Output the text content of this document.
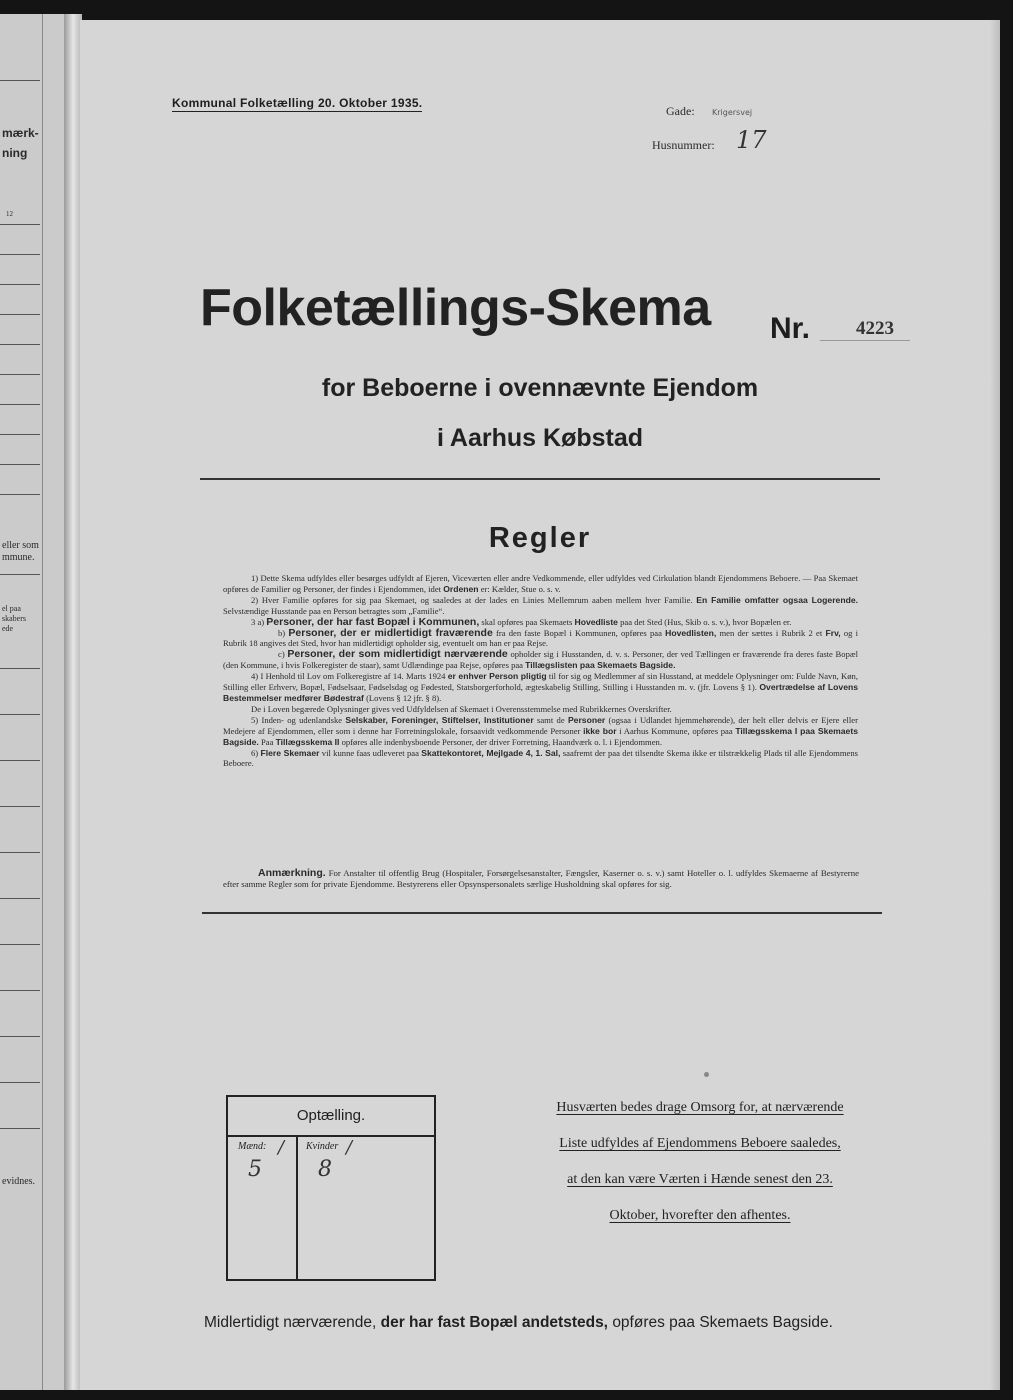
mærk-
ning
12
eller som
mmune.
el paa
skabers
ede
evidnes.
Kommunal Folketælling 20. Oktober 1935.
Gade: Krigersvej
Husnummer: 17
Folketællings-Skema Nr. 4223
for Beboerne i ovennævnte Ejendom
i Aarhus Købstad
Regler

1) Dette Skema udfyldes eller besørges udfyldt af Ejeren, Viceværten eller andre Vedkommende, eller udfyldes ved Cirkulation blandt Ejendommens Beboere. — Paa Skemaet opføres de Familier og Personer, der findes i Ejendommen, idet Ordenen er: Kælder, Stue o. s. v.

2) Hver Familie opføres for sig paa Skemaet, og saaledes at der lades en Linies Mellemrum aaben mellem hver Familie. En Familie omfatter ogsaa Logerende. Selvstændige Husstande paa en Person betragtes som „Familie“.

3 a) Personer, der har fast Bopæl i Kommunen, skal opføres paa Skemaets Hovedliste paa det Sted (Hus, Skib o. s. v.), hvor Bopælen er.

b) Personer, der er midlertidigt fraværende fra den faste Bopæl i Kommunen, opføres paa Hovedlisten, men der sættes i Rubrik 2 et Frv, og i Rubrik 18 angives det Sted, hvor han midlertidigt opholder sig, eventuelt om han er paa Rejse.

c) Personer, der som midlertidigt nærværende opholder sig i Husstanden, d. v. s. Personer, der ved Tællingen er fraværende fra deres faste Bopæl (den Kommune, i hvis Folkeregister de staar), samt Udlændinge paa Rejse, opføres paa Tillægslisten paa Skemaets Bagside.

4) I Henhold til Lov om Folkeregistre af 14. Marts 1924 er enhver Person pligtig til for sig og Medlemmer af sin Husstand, at meddele Oplysninger om: Fulde Navn, Køn, Stilling eller Erhverv, Bopæl, Fødselsaar, Fødselsdag og Fødested, Statsborgerforhold, ægteskabelig Stilling, Stilling i Husstanden m. v. (jfr. Lovens § 1). Overtrædelse af Lovens Bestemmelser medfører Bødestraf (Lovens § 12 jfr. § 8).

De i Loven begærede Oplysninger gives ved Udfyldelsen af Skemaet i Overensstemmelse med Rubrikkernes Overskrifter.

5) Inden- og udenlandske Selskaber, Foreninger, Stiftelser, Institutioner samt de Personer (ogsaa i Udlandet hjemmehørende), der helt eller delvis er Ejere eller Medejere af Ejendommen, eller som i denne har Forretningslokale, forsaavidt vedkommende Personer ikke bor i Aarhus Kommune, opføres paa Tillægsskema I paa Skemaets Bagside. Paa Tillægsskema II opføres alle indenbysboende Personer, der driver Forretning, Haandværk o. l. i Ejendommen.

6) Flere Skemaer vil kunne faas udleveret paa Skattekontoret, Mejlgade 4, 1. Sal, saafremt der paa det tilsendte Skema ikke er tilstrækkelig Plads til alle Ejendommens Beboere.

Anmærkning. For Anstalter til offentlig Brug (Hospitaler, Forsørgelsesanstalter, Fængsler, Kaserner o. s. v.) samt Hoteller o. l. udfyldes Skemaerne af Bestyrerne efter samme Regler som for private Ejendomme. Bestyrerens eller Opsynspersonalets særlige Husholdning skal opføres for sig.

Optælling.
Mænd: /
5
Kvinder /
8
Husværten bedes drage Omsorg for, at nærværende
Liste udfyldes af Ejendommens Beboere saaledes,
at den kan være Værten i Hænde senest den 23.
Oktober, hvorefter den afhentes.
Midlertidigt nærværende, der har fast Bopæl andetsteds, opføres paa Skemaets Bagside.
